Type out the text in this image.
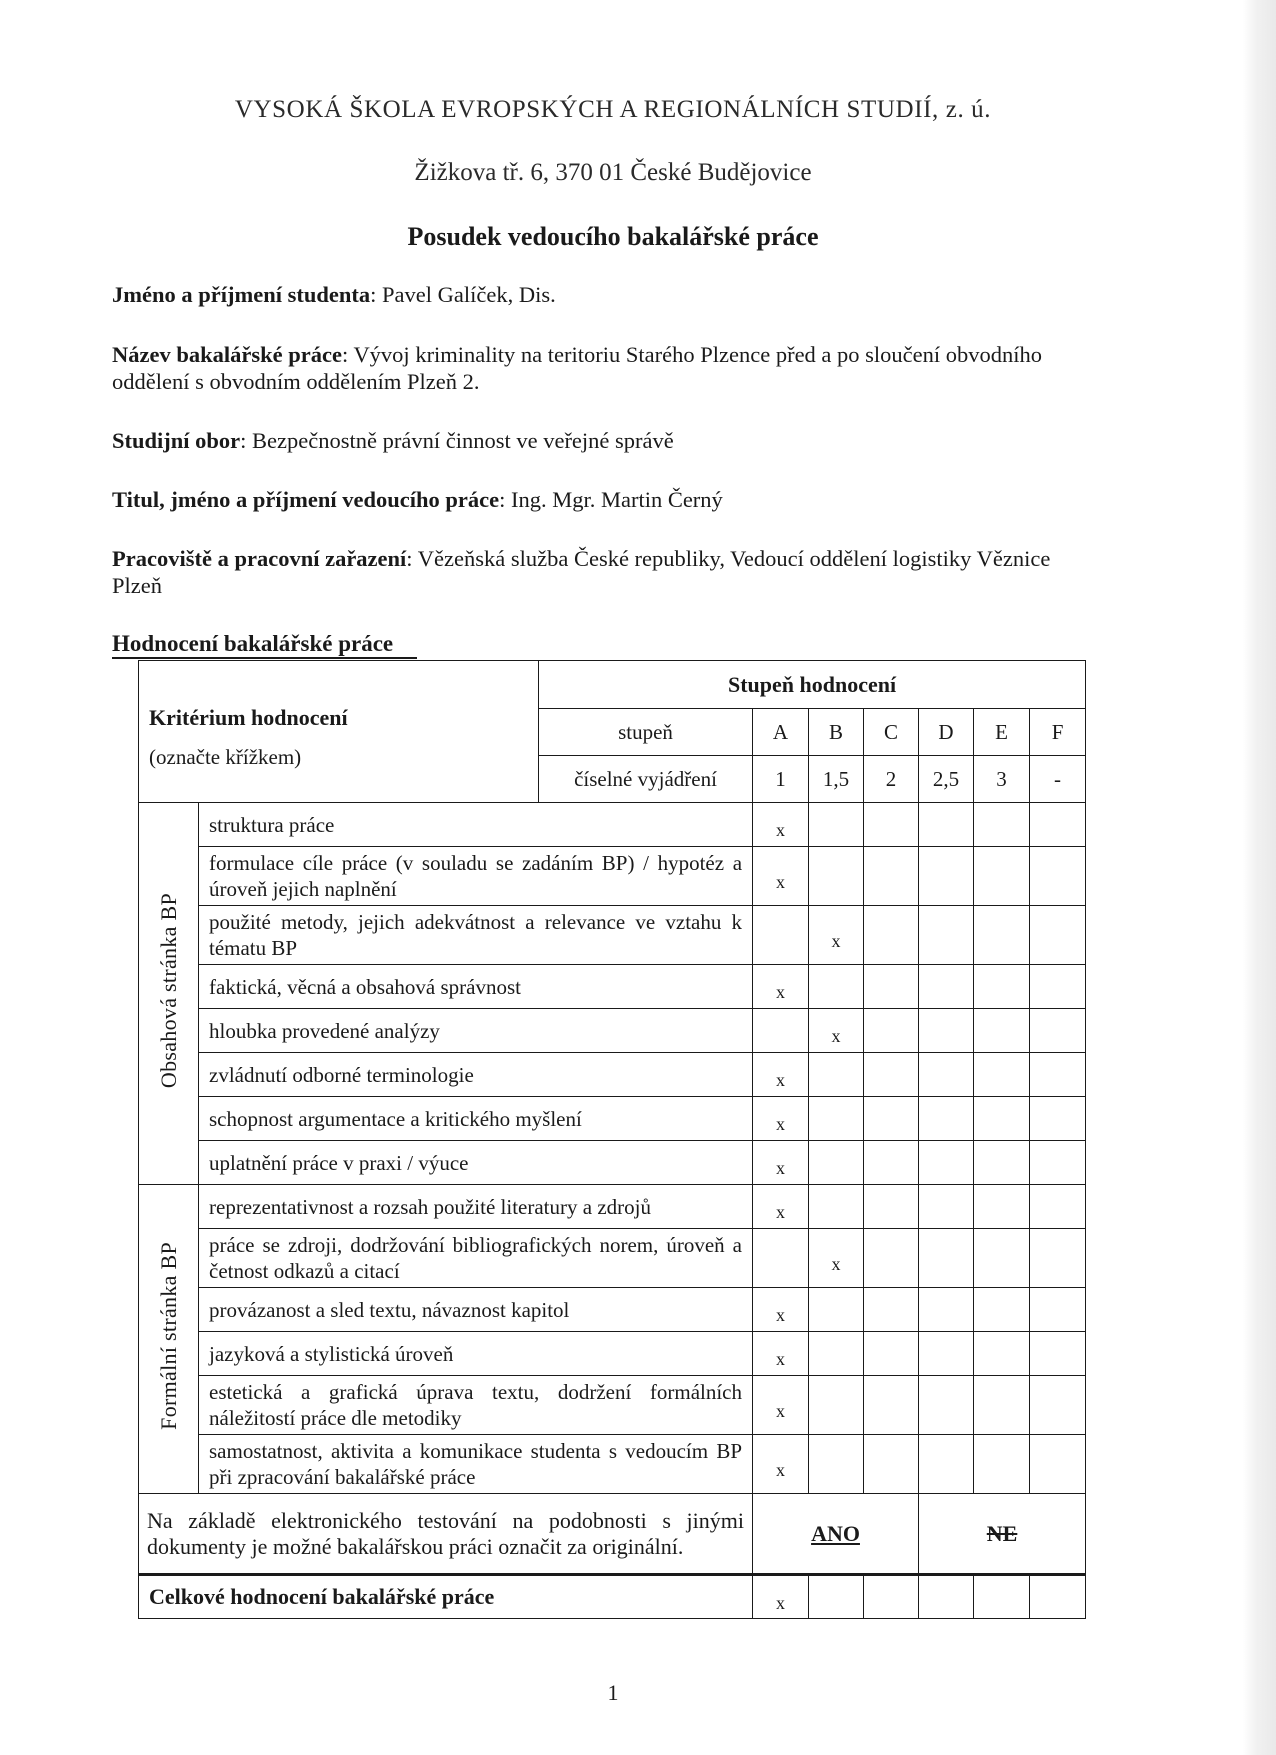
VYSOKÁ ŠKOLA EVROPSKÝCH A REGIONÁLNÍCH STUDIÍ, z. ú.
Žižkova tř. 6, 370 01 České Budějovice
Posudek vedoucího bakalářské práce
Jméno a příjmení studenta: Pavel Galíček, Dis.
Název bakalářské práce: Vývoj kriminality na teritoriu Starého Plzence před a po sloučení obvodního oddělení s obvodním oddělením Plzeň 2.
Studijní obor: Bezpečnostně právní činnost ve veřejné správě
Titul, jméno a příjmení vedoucího práce: Ing. Mgr. Martin Černý
Pracoviště a pracovní zařazení: Vězeňská služba České republiky, Vedoucí oddělení logistiky Věznice Plzeň
Hodnocení bakalářské práce
Kritérium hodnocení
(označte křížkem)		Stupeň hodnocení						
		stupeň	A	B	C	D	E	F
		číselné vyjádření	1	1,5	2	2,5	3	-
Obsahová stránka BP	struktura práce		x					
	formulace cíle práce (v souladu se zadáním BP) / hypotéz a úroveň jejich naplnění		x					
	použité metody, jejich adekvátnost a relevance ve vztahu k tématu BP			x				
	faktická, věcná a obsahová správnost		x					
	hloubka provedené analýzy			x				
	zvládnutí odborné terminologie		x					
	schopnost argumentace a kritického myšlení		x					
	uplatnění práce v praxi / výuce		x					
Formální stránka BP	reprezentativnost a rozsah použité literatury a zdrojů		x					
	práce se zdroji, dodržování bibliografických norem, úroveň a četnost odkazů a citací			x				
	provázanost a sled textu, návaznost kapitol		x					
	jazyková a stylistická úroveň		x					
	estetická a grafická úprava textu, dodržení formálních náležitostí práce dle metodiky		x					
	samostatnost, aktivita a komunikace studenta s vedoucím BP při zpracování bakalářské práce		x					
Na základě elektronického testování na podobnosti s jinými dokumenty je možné bakalářskou práci označit za originální.			ANO			NE		
Celkové hodnocení bakalářské práce			x					
1
